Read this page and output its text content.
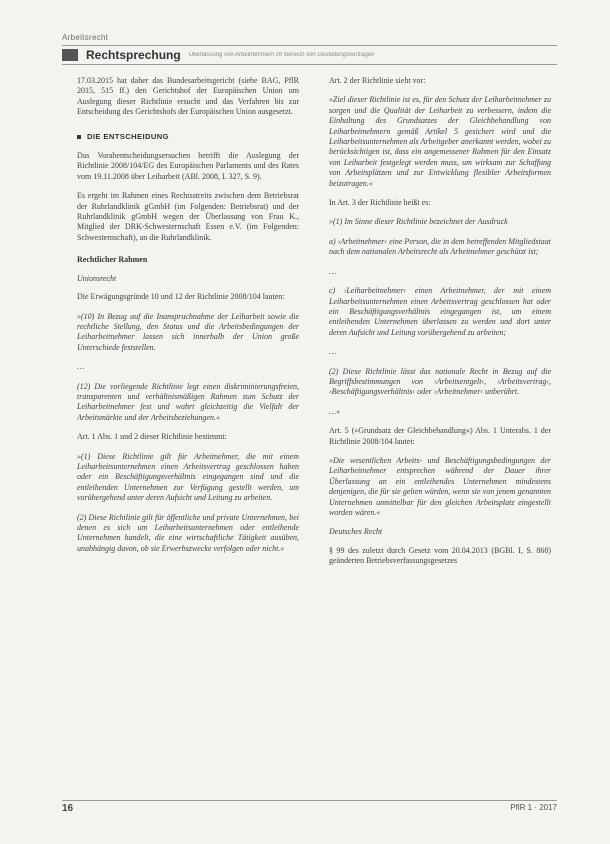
Arbeitsrecht
Rechtsprechung Überlassung von Arbeitnehmern im Bereich von Gestellungsverträgen

17.03.2015 hat daher das Bundesarbeitsgericht (siehe BAG, PflR 2015, 515 ff.) den Gerichtshof der Europäischen Union um Auslegung dieser Richtlinie ersucht und das Verfahren bis zur Entscheidung des Gerichtshofs der Europäischen Union ausgesetzt.

DIE ENTSCHEIDUNG

Das Vorabentscheidungsersuchen betrifft die Auslegung der Richtlinie 2008/104/EG des Europäischen Parlaments und des Rates vom 19.11.2008 über Leiharbeit (ABl. 2008, L 327, S. 9).

Es ergeht im Rahmen eines Rechtsstreits zwischen dem Betriebsrat der Ruhrlandklinik gGmbH (im Folgenden: Betriebsrat) und der Ruhrlandklinik gGmbH wegen der Überlassung von Frau K., Mitglied der DRK-Schwesternschaft Essen e.V. (im Folgenden: Schwesternschaft), an die Ruhrlandklinik.

Rechtlicher Rahmen

Unionsrecht

Die Erwägungsgründe 10 und 12 der Richtlinie 2008/104 lauten:

»(10) In Bezug auf die Inanspruchnahme der Leiharbeit sowie die rechtliche Stellung, den Status und die Arbeitsbedingungen der Leiharbeitnehmer lassen sich innerhalb der Union große Unterschiede feststellen.

…

(12) Die vorliegende Richtlinie legt einen diskriminierungsfreien, transparenten und verhältnismäßigen Rahmen zum Schutz der Leiharbeitnehmer fest und wahrt gleichzeitig die Vielfalt der Arbeitsmärkte und der Arbeitsbeziehungen.«

Art. 1 Abs. 1 und 2 dieser Richtlinie bestimmt:

»(1) Diese Richtlinie gilt für Arbeitnehmer, die mit einem Leiharbeitsunternehmen einen Arbeitsvertrag geschlossen haben oder ein Beschäftigungsverhältnis eingegangen sind und die entleihenden Unternehmen zur Verfügung gestellt werden, um vorübergehend unter deren Aufsicht und Leitung zu arbeiten.

(2) Diese Richtlinie gilt für öffentliche und private Unternehmen, bei denen es sich um Leiharbeitsunternehmen oder entleihende Unternehmen handelt, die eine wirtschaftliche Tätigkeit ausüben, unabhängig davon, ob sie Erwerbszwecke verfolgen oder nicht.«

Art. 2 der Richtlinie sieht vor:

»Ziel dieser Richtlinie ist es, für den Schutz der Leiharbeitnehmer zu sorgen und die Qualität der Leiharbeit zu verbessern, indem die Einhaltung des Grundsatzes der Gleichbehandlung von Leiharbeitnehmern gemäß Artikel 5 gesichert wird und die Leiharbeitsunternehmen als Arbeitgeber anerkannt werden, wobei zu berücksichtigen ist, dass ein angemessener Rahmen für den Einsatz von Leiharbeit festgelegt werden muss, um wirksam zur Schaffung von Arbeitsplätzen und zur Entwicklung flexibler Arbeitsformen beizutragen.«

In Art. 3 der Richtlinie heißt es:

»(1) Im Sinne dieser Richtlinie bezeichnet der Ausdruck

a) ›Arbeitnehmer‹ eine Person, die in dem betreffenden Mitgliedstaat nach dem nationalen Arbeitsrecht als Arbeitnehmer geschützt ist;

…

c) ›Leiharbeitnehmer‹ einen Arbeitnehmer, der mit einem Leiharbeitsunternehmen einen Arbeitsvertrag geschlossen hat oder ein Beschäftigungsverhältnis eingegangen ist, um einem entleihenden Unternehmen überlassen zu werden und dort unter deren Aufsicht und Leitung vorübergehend zu arbeiten;

…

(2) Diese Richtlinie lässt das nationale Recht in Bezug auf die Begriffsbestimmungen von ›Arbeitsentgelt‹, ›Arbeitsvertrag‹, ›Beschäftigungsverhältnis‹ oder ›Arbeitnehmer‹ unberührt.

…«

Art. 5 (»Grundsatz der Gleichbehandlung«) Abs. 1 Unterabs. 1 der Richtlinie 2008/104 lautet:

»Die wesentlichen Arbeits- und Beschäftigungsbedingungen der Leiharbeitnehmer entsprechen während der Dauer ihrer Überlassung an ein entleihendes Unternehmen mindestens denjenigen, die für sie gelten würden, wenn sie von jenem genannten Unternehmen unmittelbar für den gleichen Arbeitsplatz eingestellt worden wären.«

Deutsches Recht

§ 99 des zuletzt durch Gesetz vom 20.04.2013 (BGBl. I, S. 868) geänderten Betriebsverfassungsgesetzes

16	PflR 1 · 2017
